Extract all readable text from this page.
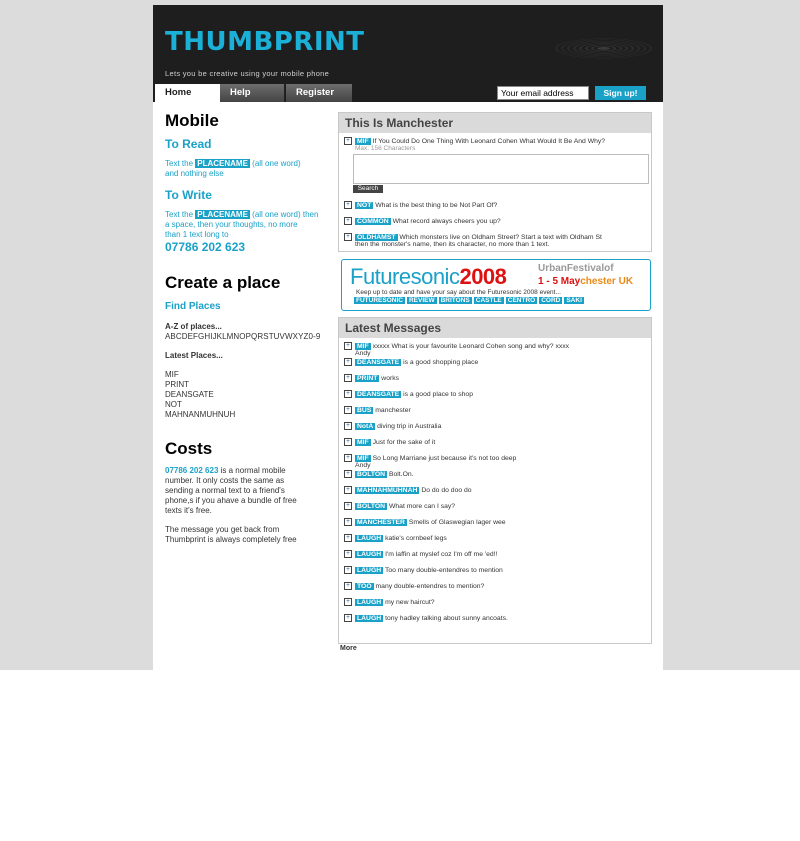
THUMBPRINT
Lets you be creative using your mobile phone
Home	Help	Register
Your email address	Sign up!
Mobile
To Read
Text the PLACENAME (all one word)
and nothing else
To Write
Text the PLACENAME (all one word) then
a space, then your thoughts, no more
than 1 text long to
07786 202 623
Create a place
Find Places
A-Z of places...
ABCDEFGHIJKLMNOPQRSTUVWXYZ0-9
Latest Places...
MIF
PRINT
DEANSGATE
NOT
MAHNANMUHNUH
Costs
07786 202 623 is a normal mobile
number. It only costs the same as
sending a normal text to a friend's
phone,s if you ahave a bundle of free
texts it's free.
The message you get back from
Thumbprint is always completely free
This Is Manchester
+ MIF If You Could Do One Thing With Leonard Cohen What Would It Be And Why?
Max: 156 Characters
Search
+ NOT What is the best thing to be Not Part Of?
+ COMMON What record always cheers you up?
+ OLDHAMST Which monsters live on Oldham Street? Start a text with Oldham St
then the monster's name, then its character, no more than 1 text.
Futuresonic2008	UrbanFestivalof
1 - 5 Maychester UK
Keep up to date and have your say about the Futuresonic 2008 event...
FUTURESONIC REVIEW BRITONS CASTLE CENTRO CORD SAKI
Latest Messages
+ MIF xxxxx What is your favourite Leonard Cohen song and why? xxxx
Andy
+ DEANSGATE is a good shopping place
+ PRINT works
+ DEANSGATE is a good place to shop
+ BUS manchester
+ NotA diving trip in Australia
+ MIF Just for the sake of it
+ MIF So Long Marriane just because it's not too deep
Andy
+ BOLTON Bolt.On.
+ MAHNAHMUHNAH Do do do doo do
+ BOLTON What more can I say?
+ MANCHESTER Smells of Glaswegian lager wee
+ LAUGH katie's cornbeef legs
+ LAUGH I'm laffin at myslef coz I'm off me 'ed!!
+ LAUGH Too many double-entendres to mention
+ TOO many double-entendres to mention?
+ LAUGH my new haircut?
+ LAUGH tony hadley talking about sunny ancoats.
More
